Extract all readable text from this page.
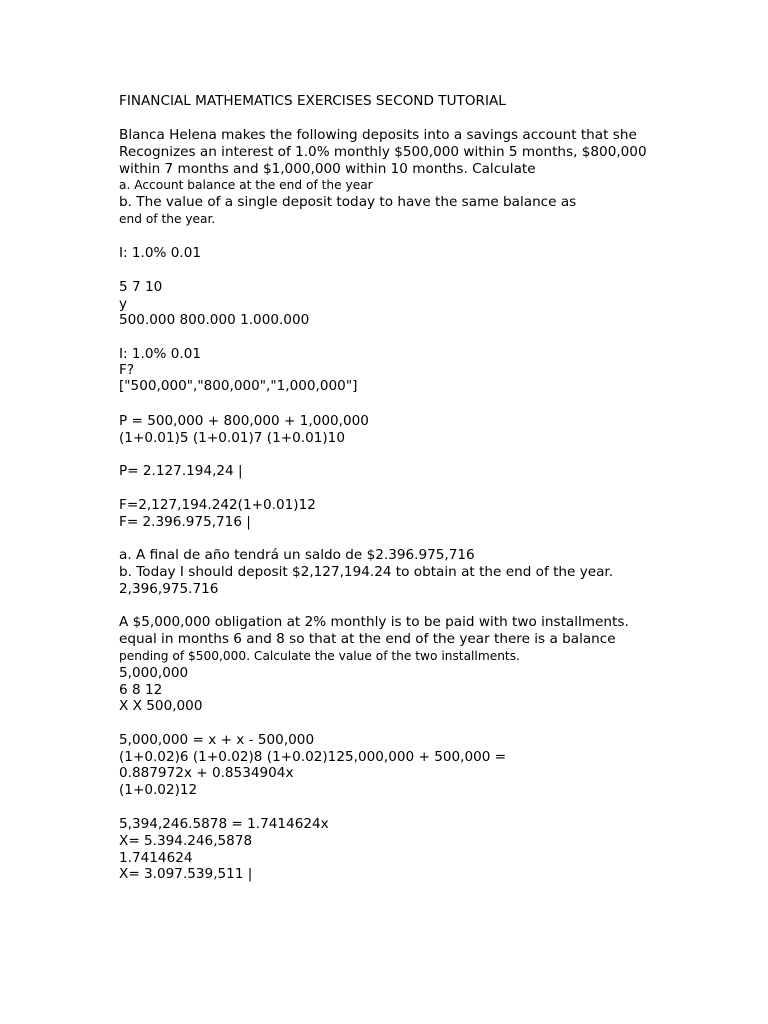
FINANCIAL MATHEMATICS EXERCISES SECOND TUTORIAL
Blanca Helena makes the following deposits into a savings account that she
Recognizes an interest of 1.0% monthly $500,000 within 5 months, $800,000
within 7 months and $1,000,000 within 10 months. Calculate
a. Account balance at the end of the year
b. The value of a single deposit today to have the same balance as
end of the year.
I: 1.0% 0.01
5 7 10
y
500.000 800.000 1.000.000
I: 1.0% 0.01
F?
["500,000","800,000","1,000,000"]
P = 500,000 + 800,000 + 1,000,000
(1+0.01)5 (1+0.01)7 (1+0.01)10
P= 2.127.194,24 |
F=2,127,194.242(1+0.01)12
F= 2.396.975,716 |
a. A final de año tendrá un saldo de $2.396.975,716
b. Today I should deposit $2,127,194.24 to obtain at the end of the year.
2,396,975.716
A $5,000,000 obligation at 2% monthly is to be paid with two installments.
equal in months 6 and 8 so that at the end of the year there is a balance
pending of $500,000. Calculate the value of the two installments.
5,000,000
6 8 12
X X 500,000
5,000,000 = x + x - 500,000
(1+0.02)6 (1+0.02)8 (1+0.02)125,000,000 + 500,000 =
0.887972x + 0.8534904x
(1+0.02)12
5,394,246.5878 = 1.7414624x
X= 5.394.246,5878
1.7414624
X= 3.097.539,511 |
